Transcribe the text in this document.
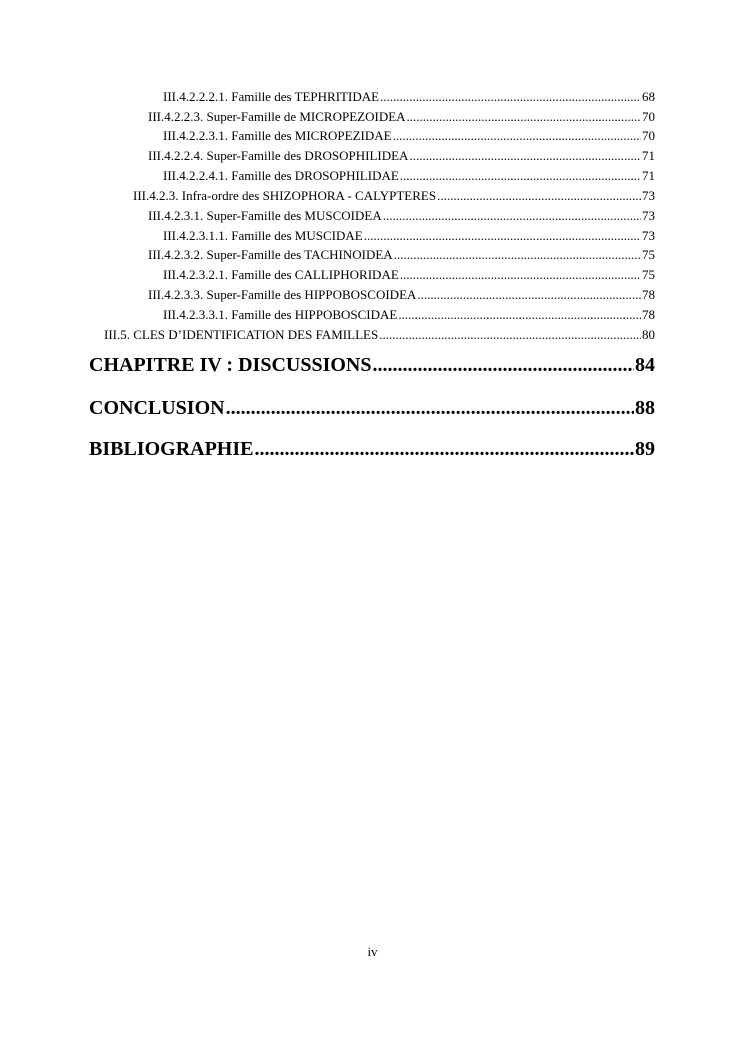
III.4.2.2.2.1. Famille des TEPHRITIDAE .....	68
III.4.2.2.3. Super-Famille de MICROPEZOIDEA .....	70
III.4.2.2.3.1. Famille des MICROPEZIDAE .....	70
III.4.2.2.4. Super-Famille des DROSOPHILIDEA .....	71
III.4.2.2.4.1. Famille des DROSOPHILIDAE .....	71
III.4.2.3. Infra-ordre des SHIZOPHORA - CALYPTERES .....	73
III.4.2.3.1. Super-Famille des MUSCOIDEA .....	73
III.4.2.3.1.1. Famille des MUSCIDAE .....	73
III.4.2.3.2. Super-Famille des TACHINOIDEA .....	75
III.4.2.3.2.1. Famille des CALLIPHORIDAE .....	75
III.4.2.3.3. Super-Famille des HIPPOBOSCOIDEA .....	78
III.4.2.3.3.1. Famille des HIPPOBOSCIDAE .....	78
III.5. CLES D’IDENTIFICATION DES FAMILLES .....	80
CHAPITRE IV : DISCUSSIONS .....	84
CONCLUSION .....	88
BIBLIOGRAPHIE .....	89
iv
